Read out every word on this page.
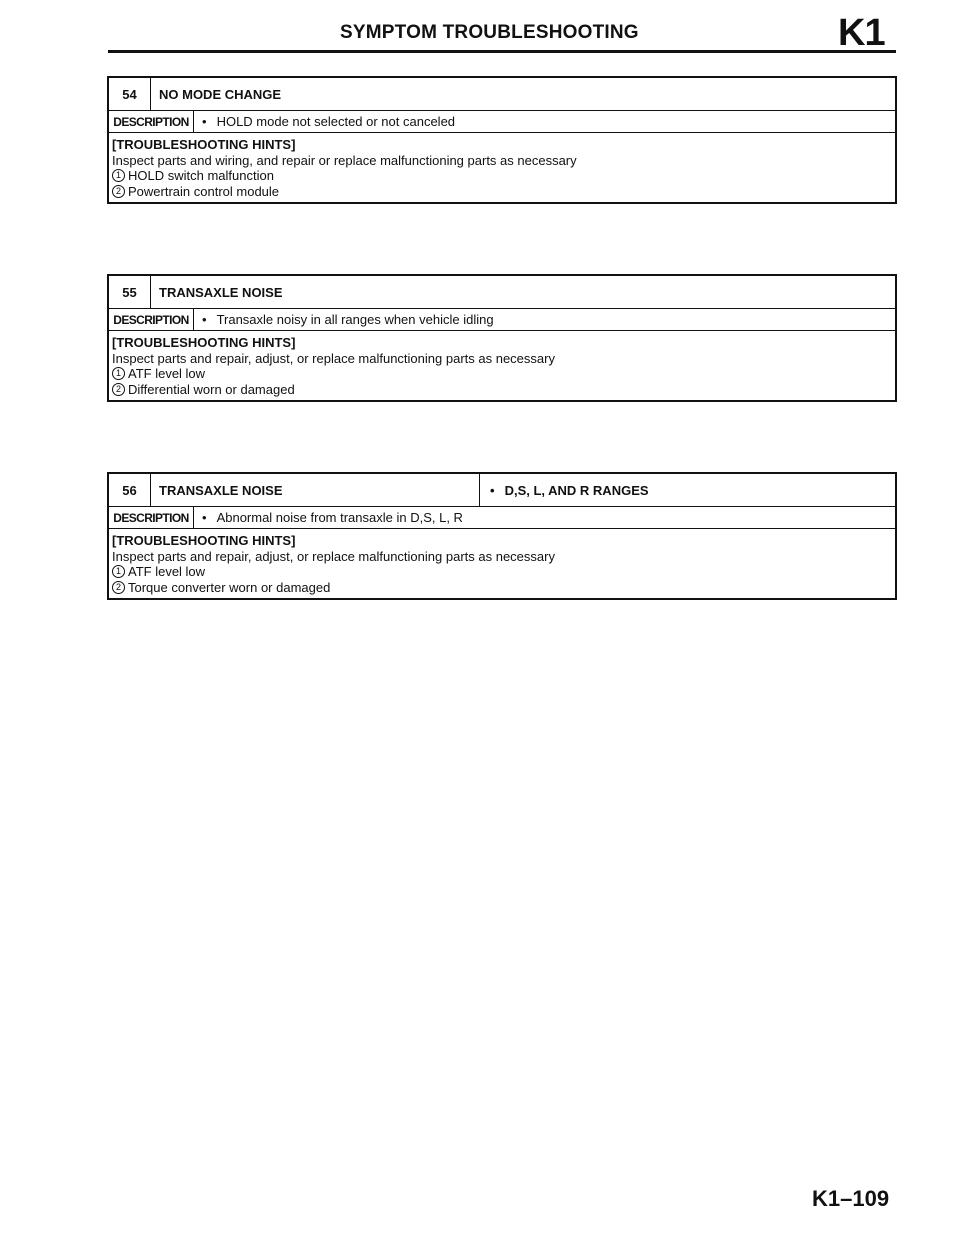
SYMPTOM TROUBLESHOOTING	K1
54	NO MODE CHANGE
DESCRIPTION	• HOLD mode not selected or not canceled
[TROUBLESHOOTING HINTS]
Inspect parts and wiring, and repair or replace malfunctioning parts as necessary
1 HOLD switch malfunction
2 Powertrain control module
55	TRANSAXLE NOISE
DESCRIPTION	• Transaxle noisy in all ranges when vehicle idling
[TROUBLESHOOTING HINTS]
Inspect parts and repair, adjust, or replace malfunctioning parts as necessary
1 ATF level low
2 Differential worn or damaged
56	TRANSAXLE NOISE	• D,S, L, AND R RANGES
DESCRIPTION	• Abnormal noise from transaxle in D,S, L, R
[TROUBLESHOOTING HINTS]
Inspect parts and repair, adjust, or replace malfunctioning parts as necessary
1 ATF level low
2 Torque converter worn or damaged
K1–109
